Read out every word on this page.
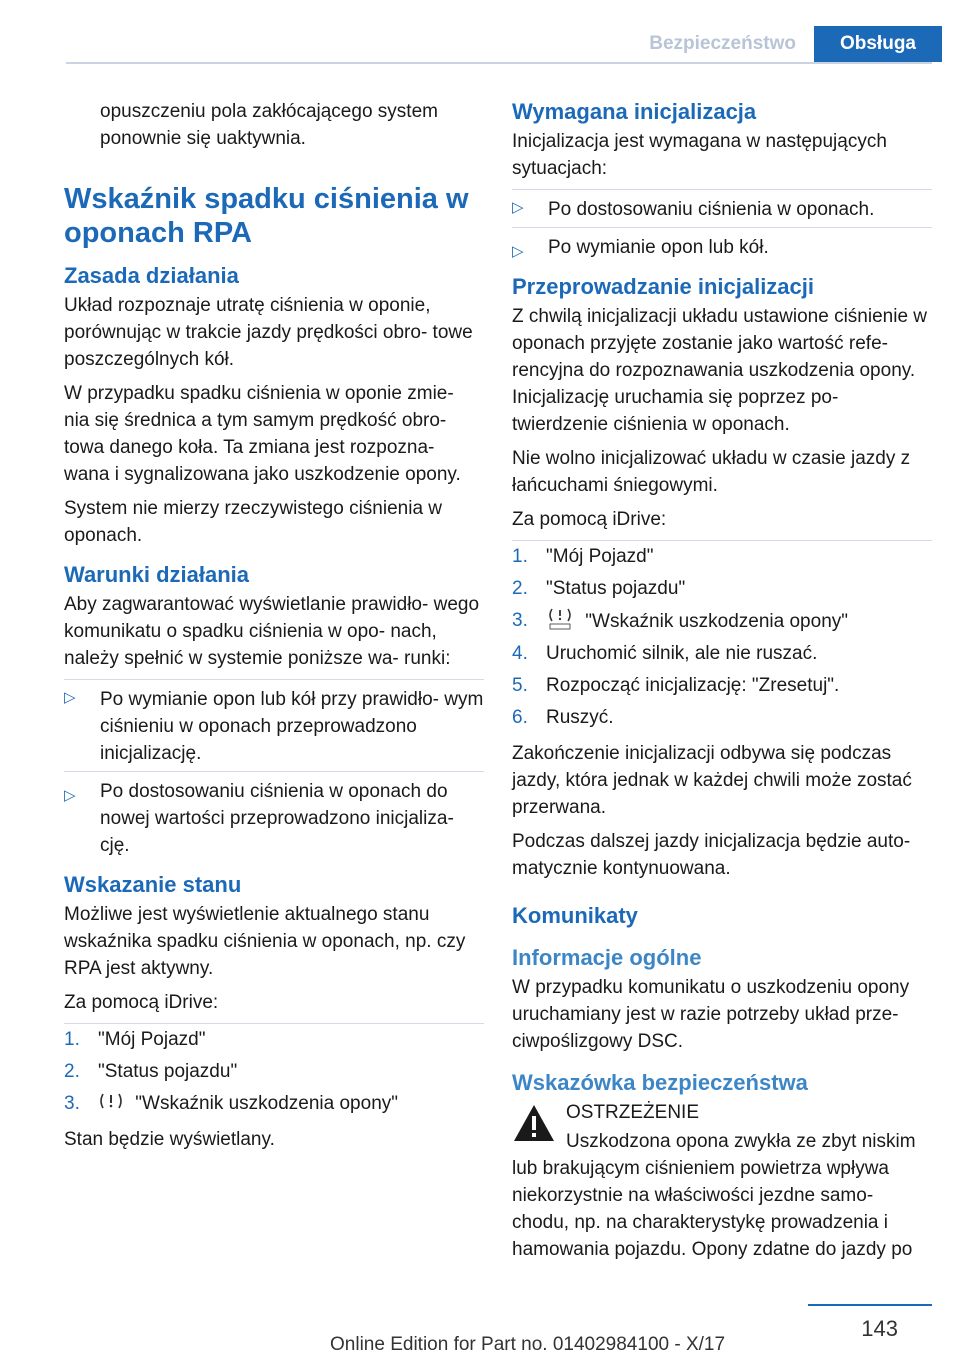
Bezpieczeństwo	Obsługa

opuszczeniu pola zakłócającego system ponownie się uaktywnia.

Wskaźnik spadku ciśnienia w oponach RPA
Zasada działania

Układ rozpoznaje utratę ciśnienia w oponie, porównując w trakcie jazdy prędkości obro‐ towe poszczególnych kół.

W przypadku spadku ciśnienia w oponie zmie‐ nia się średnica a tym samym prędkość obro‐ towa danego koła. Ta zmiana jest rozpozna‐ wana i sygnalizowana jako uszkodzenie opony.

System nie mierzy rzeczywistego ciśnienia w oponach.

Warunki działania

Aby zagwarantować wyświetlanie prawidło‐ wego komunikatu o spadku ciśnienia w opo‐ nach, należy spełnić w systemie poniższe wa‐ runki:

▷ Po wymianie opon lub kół przy prawidło‐ wym ciśnieniu w oponach przeprowadzono inicjalizację.
▷ Po dostosowaniu ciśnienia w oponach do nowej wartości przeprowadzono inicjaliza‐ cję.
Wskazanie stanu

Możliwe jest wyświetlenie aktualnego stanu wskaźnika spadku ciśnienia w oponach, np. czy RPA jest aktywny.

Za pomocą iDrive:

1. "Mój Pojazd"
2. "Status pojazdu"
3.	"Wskaźnik uszkodzenia opony"

Stan będzie wyświetlany.

Wymagana inicjalizacja

Inicjalizacja jest wymagana w następujących sytuacjach:

▷ Po dostosowaniu ciśnienia w oponach.
▷ Po wymianie opon lub kół.
Przeprowadzanie inicjalizacji

Z chwilą inicjalizacji układu ustawione ciśnienie w oponach przyjęte zostanie jako wartość refe‐ rencyjna do rozpoznawania uszkodzenia opony. Inicjalizację uruchamia się poprzez po‐ twierdzenie ciśnienia w oponach.

Nie wolno inicjalizować układu w czasie jazdy z łańcuchami śniegowymi.

Za pomocą iDrive:

1. "Mój Pojazd"
2. "Status pojazdu"
3.	"Wskaźnik uszkodzenia opony"
4. Uruchomić silnik, ale nie ruszać.
5. Rozpocząć inicjalizację: "Zresetuj".
6. Ruszyć.

Zakończenie inicjalizacji odbywa się podczas jazdy, która jednak w każdej chwili może zostać przerwana.

Podczas dalszej jazdy inicjalizacja będzie auto‐ matycznie kontynuowana.

Komunikaty
Informacje ogólne

W przypadku komunikatu o uszkodzeniu opony uruchamiany jest w razie potrzeby układ prze‐ ciwpoślizgowy DSC.

Wskazówka bezpieczeństwa
OSTRZEŻENIE

Uszkodzona opona zwykła ze zbyt niskim lub brakującym ciśnieniem powietrza wpływa niekorzystnie na właściwości jezdne samo‐ chodu, np. na charakterystykę prowadzenia i hamowania pojazdu. Opony zdatne do jazdy po

143
Online Edition for Part no. 01402984100 - X/17
